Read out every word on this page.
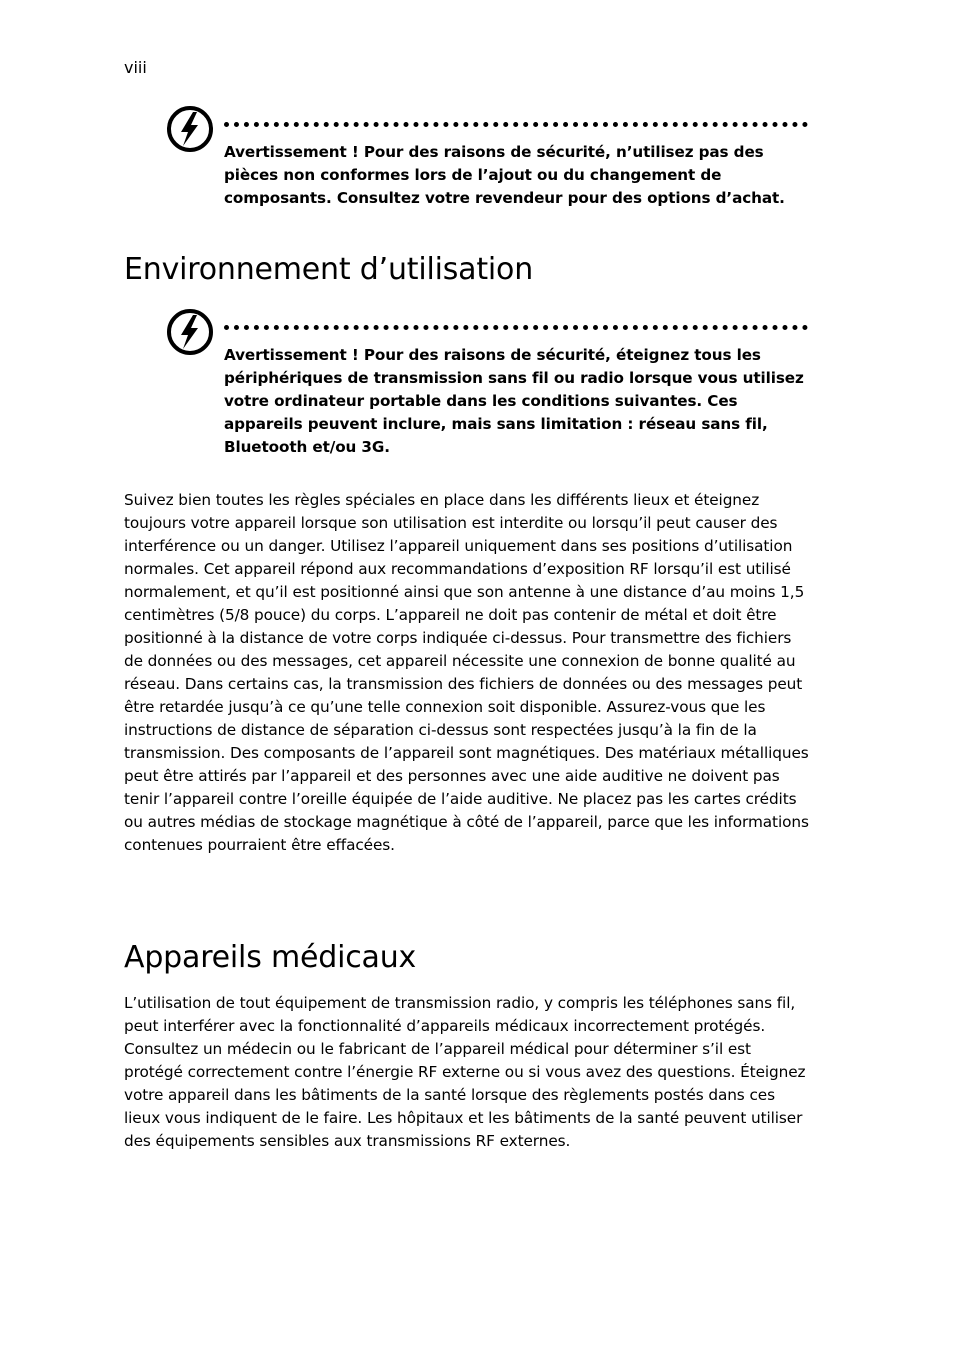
viii

Avertissement ! Pour des raisons de sécurité, n’utilisez pas des pièces non conformes lors de l’ajout ou du changement de composants. Consultez votre revendeur pour des options d’achat.

Environnement d’utilisation

Avertissement ! Pour des raisons de sécurité, éteignez tous les périphériques de transmission sans fil ou radio lorsque vous utilisez votre ordinateur portable dans les conditions suivantes. Ces appareils peuvent inclure, mais sans limitation : réseau sans fil, Bluetooth et/ou 3G.

Suivez bien toutes les règles spéciales en place dans les différents lieux et éteignez toujours votre appareil lorsque son utilisation est interdite ou lorsqu’il peut causer des interférence ou un danger. Utilisez l’appareil uniquement dans ses positions d’utilisation normales. Cet appareil répond aux recommandations d’exposition RF lorsqu’il est utilisé normalement, et qu’il est positionné ainsi que son antenne à une distance d’au moins 1,5 centimètres (5/8 pouce) du corps. L’appareil ne doit pas contenir de métal et doit être positionné à la distance de votre corps indiquée ci-dessus. Pour transmettre des fichiers de données ou des messages, cet appareil nécessite une connexion de bonne qualité au réseau. Dans certains cas, la transmission des fichiers de données ou des messages peut être retardée jusqu’à ce qu’une telle connexion soit disponible. Assurez-vous que les instructions de distance de séparation ci-dessus sont respectées jusqu’à la fin de la transmission. Des composants de l’appareil sont magnétiques. Des matériaux métalliques peut être attirés par l’appareil et des personnes avec une aide auditive ne doivent pas tenir l’appareil contre l’oreille équipée de l’aide auditive. Ne placez pas les cartes crédits ou autres médias de stockage magnétique à côté de l’appareil, parce que les informations contenues pourraient être effacées.

Appareils médicaux

L’utilisation de tout équipement de transmission radio, y compris les téléphones sans fil, peut interférer avec la fonctionnalité d’appareils médicaux incorrectement protégés. Consultez un médecin ou le fabricant de l’appareil médical pour déterminer s’il est protégé correctement contre l’énergie RF externe ou si vous avez des questions. Éteignez votre appareil dans les bâtiments de la santé lorsque des règlements postés dans ces lieux vous indiquent de le faire. Les hôpitaux et les bâtiments de la santé peuvent utiliser des équipements sensibles aux transmissions RF externes.
